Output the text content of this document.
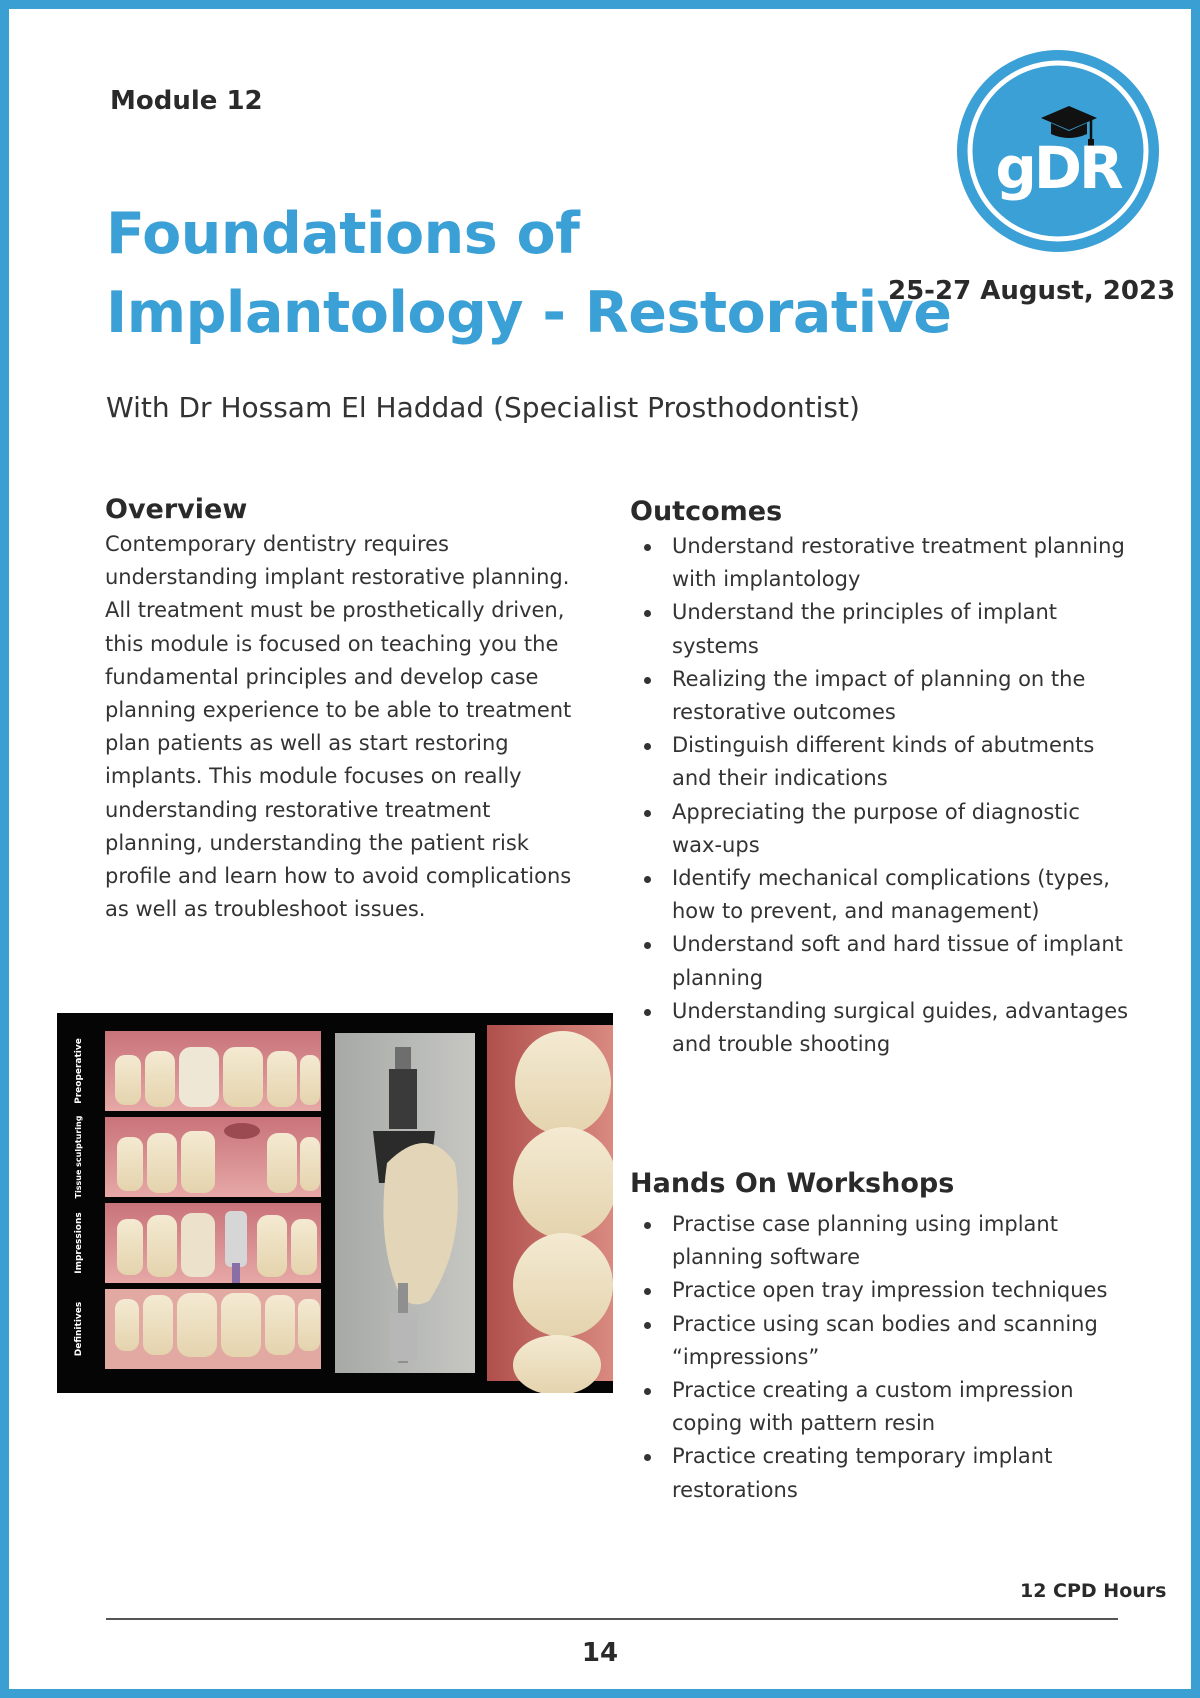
Module 12
gDR
Foundations of
Implantology - Restorative
25-27 August, 2023
With Dr Hossam El Haddad (Specialist Prosthodontist)
Overview

Contemporary dentistry requires understanding implant restorative planning. All treatment must be prosthetically driven, this module is focused on teaching you the fundamental principles and develop case planning experience to be able to treatment plan patients as well as start restoring implants. This module focuses on really understanding restorative treatment planning, understanding the patient risk profile and learn how to avoid complications as well as troubleshoot issues.

Outcomes
Understand restorative treatment planning with implantology
Understand the principles of implant systems
Realizing the impact of planning on the restorative outcomes
Distinguish different kinds of abutments and their indications
Appreciating the purpose of diagnostic wax-ups
Identify mechanical complications (types, how to prevent, and management)
Understand soft and hard tissue of implant planning
Understanding surgical guides, advantages and trouble shooting
Hands On Workshops
Practise case planning using implant planning software
Practice open tray impression techniques
Practice using scan bodies and scanning “impressions”
Practice creating a custom impression coping with pattern resin
Practice creating temporary implant restorations
Preoperative
Tissue sculpturing
Impressions
Definitives
12 CPD Hours
14
